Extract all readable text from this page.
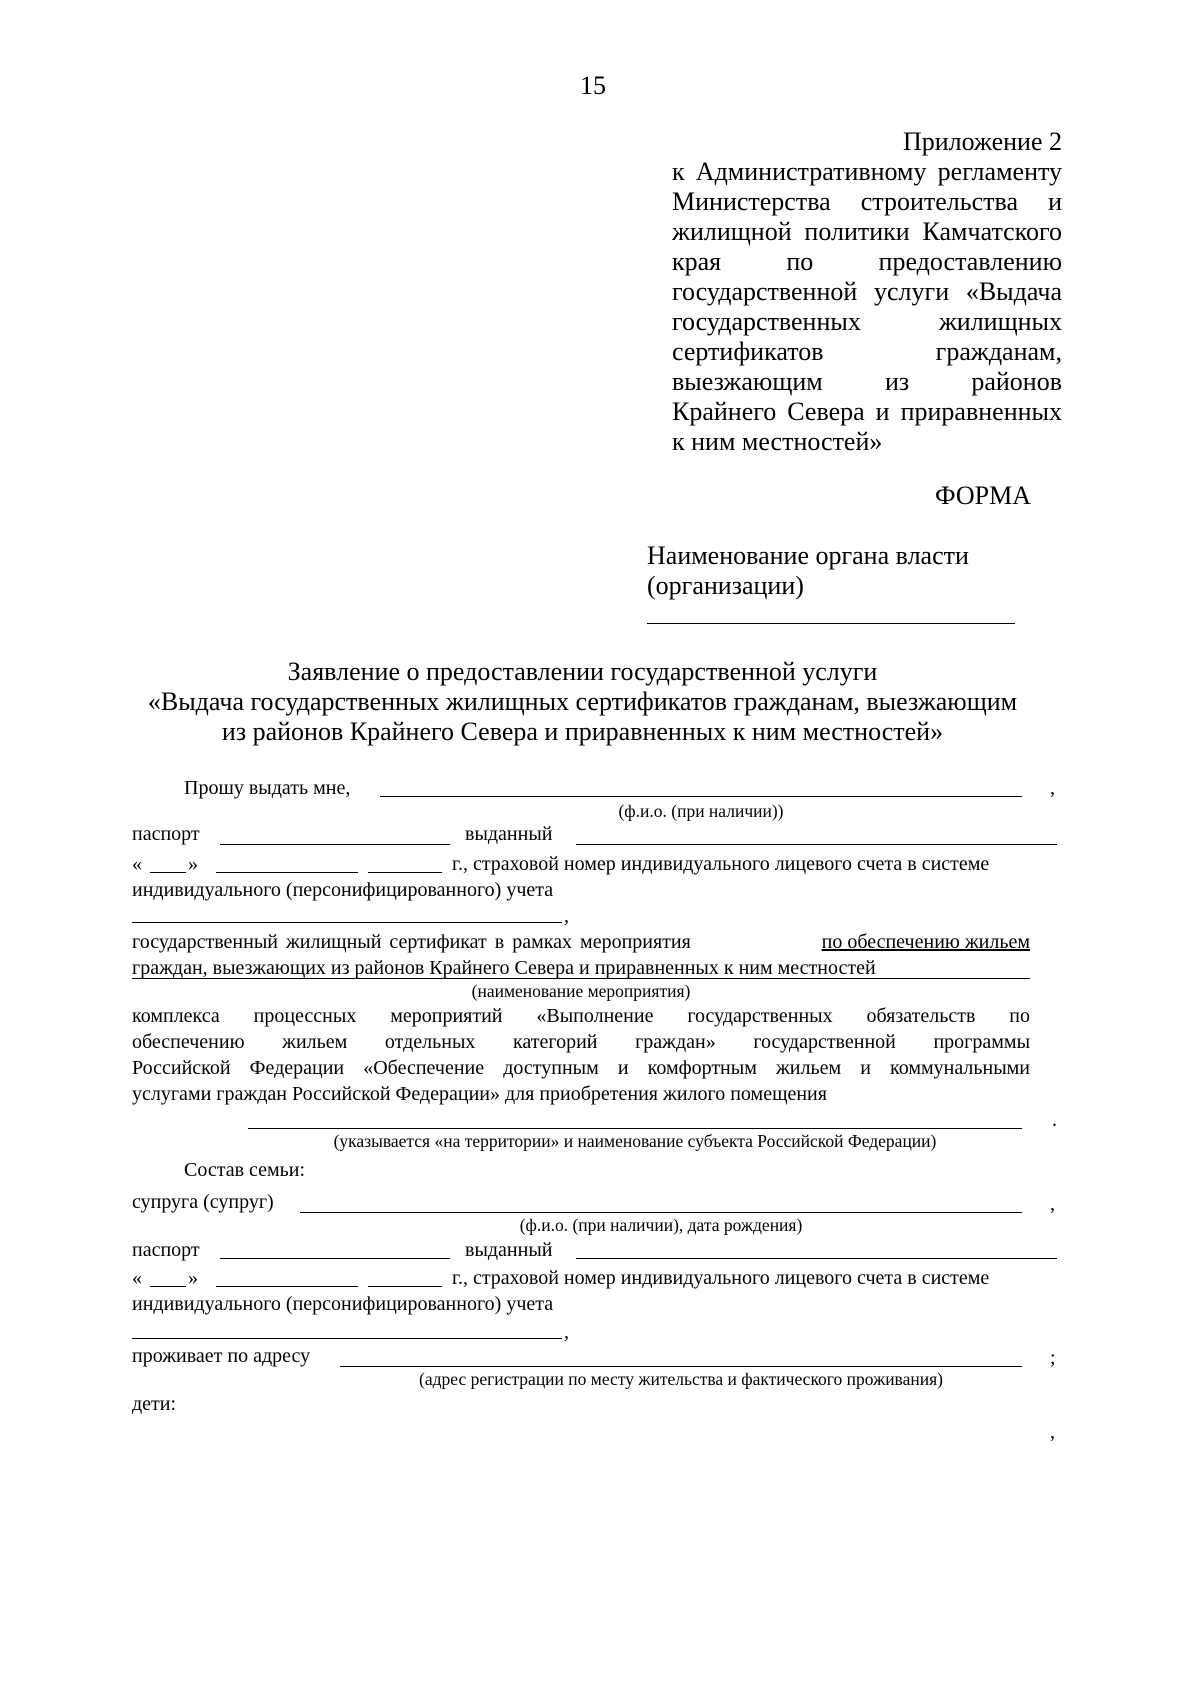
15
Приложение 2
к Административному регламенту
Министерства строительства и
жилищной политики Камчатского
края по предоставлению
государственной услуги «Выдача
государственных жилищных
сертификатов гражданам,
выезжающим из районов
Крайнего Севера и приравненных
к ним местностей»
ФОРМА
Наименование органа власти
(организации)
Заявление о предоставлении государственной услуги
«Выдача государственных жилищных сертификатов гражданам, выезжающим
из районов Крайнего Севера и приравненных к ним местностей»
Прошу выдать мне,	,
(ф.и.о. (при наличии))
паспорт	выданный
« »	г., страховой номер индивидуального лицевого счета в системе
индивидуального (персонифицированного) учета
,
государственный жилищный сертификат в рамках мероприятия	по обеспечению жильем
граждан, выезжающих из районов Крайнего Севера и приравненных к ним местностей
(наименование мероприятия)
комплекса процессных мероприятий «Выполнение государственных обязательств по
обеспечению жильем отдельных категорий граждан» государственной программы
Российской Федерации «Обеспечение доступным и комфортным жильем и коммунальными
услугами граждан Российской Федерации» для приобретения жилого помещения
.
(указывается «на территории» и наименование субъекта Российской Федерации)
Состав семьи:
супруга (супруг)	,
(ф.и.о. (при наличии), дата рождения)
паспорт	выданный
« »	г., страховой номер индивидуального лицевого счета в системе
индивидуального (персонифицированного) учета
,
проживает по адресу	;
(адрес регистрации по месту жительства и фактического проживания)
дети:
,
